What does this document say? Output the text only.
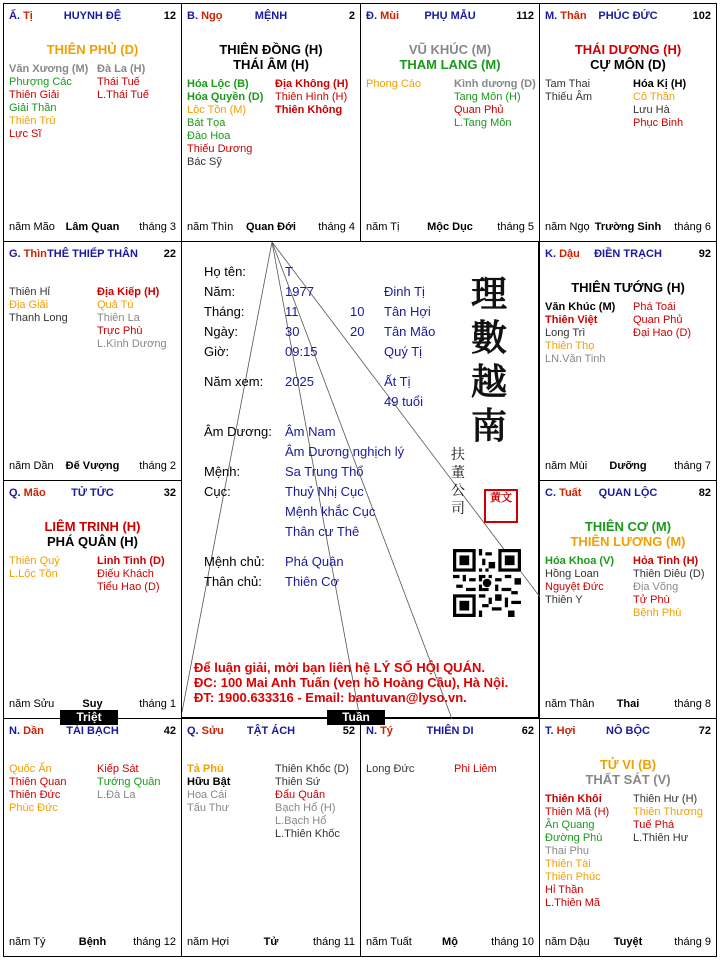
HUYNH ĐỆ
Ấ. Tị	12
THIÊN PHỦ (D)
Văn Xương (M)
Phượng Các
Thiên Giải
Giải Thần
Thiên Trù
Lực Sĩ
Đà La (H)
Thái Tuế
L.Thái Tuế
năm Mão Lâm Quan	tháng 3
MỆNH
B. Ngọ	2
THIÊN ĐỒNG (H)
THÁI ÂM (H)
Hóa Lộc (B)
Hóa Quyền (D)
Lộc Tồn (M)
Bát Tọa
Đào Hoa
Thiếu Dương
Bác Sỹ
Địa Không (H)
Thiên Hình (H)
Thiên Không
năm Thìn	Quan Đới	tháng 4
PHỤ MẪU
Đ. Mùi	112
VŨ KHÚC (M)
THAM LANG (M)
Phong Cáo	Kình dương (D)
Tang Môn (H)
Quan Phủ
L.Tang Môn
năm Tị	Mộc Dục	tháng 5
PHÚC ĐỨC
M. Thân	102
THÁI DƯƠNG (H)
CỰ MÔN (D)
Tam Thai
Thiếu Âm
Hóa Kị (H)
Cô Thần
Lưu Hà
Phục Binh
năm Ngọ Trường Sinh	tháng 6
THÊ THIẾP THÂN
G. Thìn	22
Thiên Hỉ
Địa Giải
Thanh Long
Địa Kiếp (H)
Quả Tú
Thiên La
Trực Phù
L.Kình Dương
năm Dần	Đế Vượng	tháng 2
ĐIỀN TRẠCH
K. Dậu	92
THIÊN TƯỚNG (H)
Văn Khúc (M)
Thiên Việt
Long Trì
Thiên Thọ
LN.Văn Tinh
Phá Toái
Quan Phủ
Đại Hao (D)
năm Mùi	Dưỡng	tháng 7
TỬ TỨC
Q. Mão	32
LIÊM TRINH (H)
PHÁ QUÂN (H)
Thiên Quý
L.Lộc Tồn
Linh Tinh (D)
Điếu Khách
Tiểu Hao (D)
năm Sửu	Suy	tháng 1
QUAN LỘC
C. Tuất	82
THIÊN CƠ (M)
THIÊN LƯƠNG (M)
Hóa Khoa (V)
Hồng Loan
Nguyệt Đức
Thiên Y
Hỏa Tinh (H)
Thiên Diêu (D)
Địa Võng
Tử Phù
Bệnh Phù
năm Thân	Thai	tháng 8
TÀI BẠCH
N. Dần	42
Quốc Ấn
Thiên Quan
Thiên Đức
Phúc Đức
Kiếp Sát
Tướng Quân
L.Đà La
năm Tý	Bệnh	tháng 12
TẬT ÁCH
Q. Sửu	52
Tả Phù
Hữu Bật
Hoa Cái
Tấu Thư
Thiên Khốc (D)
Thiên Sứ
Đẩu Quân
Bạch Hổ (H)
L.Bạch Hổ
L.Thiên Khốc
năm Hợi	Tử	tháng 11
THIÊN DI
N. Tý	62
Long Đức	Phi Liêm
năm Tuất	Mộ	tháng 10
NÔ BỘC
T. Hợi	72
TỬ VI (B)
THẤT SÁT (V)
Thiên Khôi
Thiên Mã (H)
Ân Quang
Đường Phù
Thai Phụ
Thiên Tài
Thiên Phúc
Hỉ Thần
L.Thiên Mã
Thiên Hư (H)
Thiên Thương
Tuế Phá
L.Thiên Hư
năm Dậu	Tuyệt	tháng 9
Họ tên:	T
Năm:	1977	Đinh Tị
Tháng:	11	10 Tân Hợi
Ngày:	30	20 Tân Mão
Giờ:	09:15	Quý Tị
Năm xem: 2025	Ất Tị
49 tuổi
Âm Dương: Âm Nam
Âm Dương nghịch lý
Mệnh:	Sa Trung Thổ
Cục:	Thuỷ Nhị Cục
Mệnh khắc Cục
Thân cư Thê
Mệnh chủ: Phá Quân
Thân chủ: Thiên Cơ
理
數
越
南
扶
董
公
司
黄文
Để luận giải, mời bạn liên hệ LÝ SỐ HỘI QUÁN.
ĐC: 100 Mai Anh Tuấn (ven hồ Hoàng Cầu), Hà Nội.
ĐT: 1900.633316 - Email: bantuvan@lyso.vn.
Triệt	Tuần
